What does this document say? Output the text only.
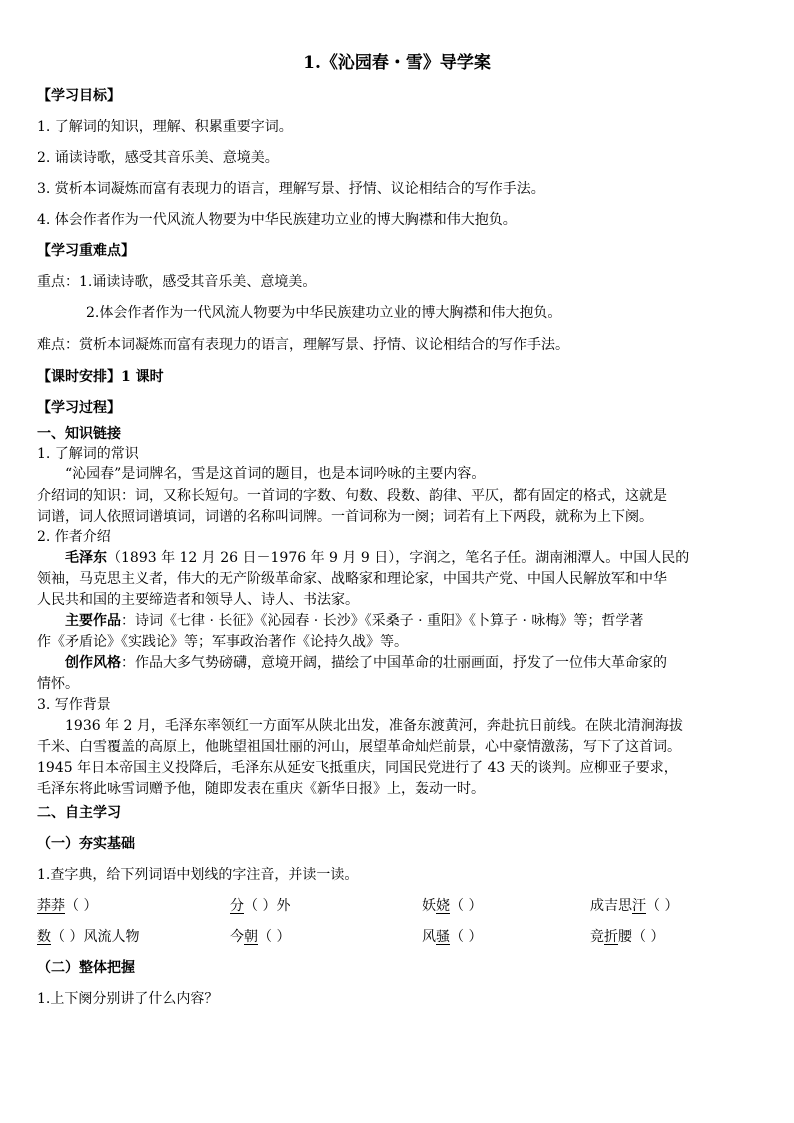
1.《沁园春・雪》导学案
【学习目标】
1. 了解词的知识，理解、积累重要字词。
2. 诵读诗歌，感受其音乐美、意境美。
3. 赏析本词凝炼而富有表现力的语言，理解写景、抒情、议论相结合的写作手法。
4. 体会作者作为一代风流人物要为中华民族建功立业的博大胸襟和伟大抱负。
【学习重难点】
重点：1.诵读诗歌，感受其音乐美、意境美。
2.体会作者作为一代风流人物要为中华民族建功立业的博大胸襟和伟大抱负。
难点：赏析本词凝炼而富有表现力的语言，理解写景、抒情、议论相结合的写作手法。
【课时安排】1 课时
【学习过程】
一、知识链接
1. 了解词的常识
“沁园春”是词牌名，雪是这首词的题目，也是本词吟咏的主要内容。
介绍词的知识：词，又称长短句。一首词的字数、句数、段数、韵律、平仄，都有固定的格式，这就是
词谱，词人依照词谱填词，词谱的名称叫词牌。一首词称为一阕；词若有上下两段，就称为上下阕。
2. 作者介绍
毛泽东（1893 年 12 月 26 日－1976 年 9 月 9 日），字润之，笔名子任。湖南湘潭人。中国人民的
领袖，马克思主义者，伟大的无产阶级革命家、战略家和理论家，中国共产党、中国人民解放军和中华
人民共和国的主要缔造者和领导人、诗人、书法家。
主要作品：诗词《七律 · 长征》《沁园春 · 长沙》《采桑子 · 重阳》《卜算子 · 咏梅》等；哲学著
作《矛盾论》《实践论》等；军事政治著作《论持久战》等。
创作风格：作品大多气势磅礴，意境开阔，描绘了中国革命的壮丽画面，抒发了一位伟大革命家的
情怀。
3. 写作背景
1936 年 2 月，毛泽东率领红一方面军从陕北出发，准备东渡黄河，奔赴抗日前线。在陕北清涧海拔
千米、白雪覆盖的高原上，他眺望祖国壮丽的河山，展望革命灿烂前景，心中豪情激荡，写下了这首词。
1945 年日本帝国主义投降后，毛泽东从延安飞抵重庆，同国民党进行了 43 天的谈判。应柳亚子要求，
毛泽东将此咏雪词赠予他，随即发表在重庆《新华日报》上，轰动一时。
二、自主学习
（一）夯实基础
1.查字典，给下列词语中划线的字注音，并读一读。
莽莽（ ）	分（ ）外	妖娆（ ）	成吉思汗（ ）
数（ ）风流人物	今朝（ ）	风骚（ ）	竞折腰（ ）
（二）整体把握
1.上下阕分别讲了什么内容？
